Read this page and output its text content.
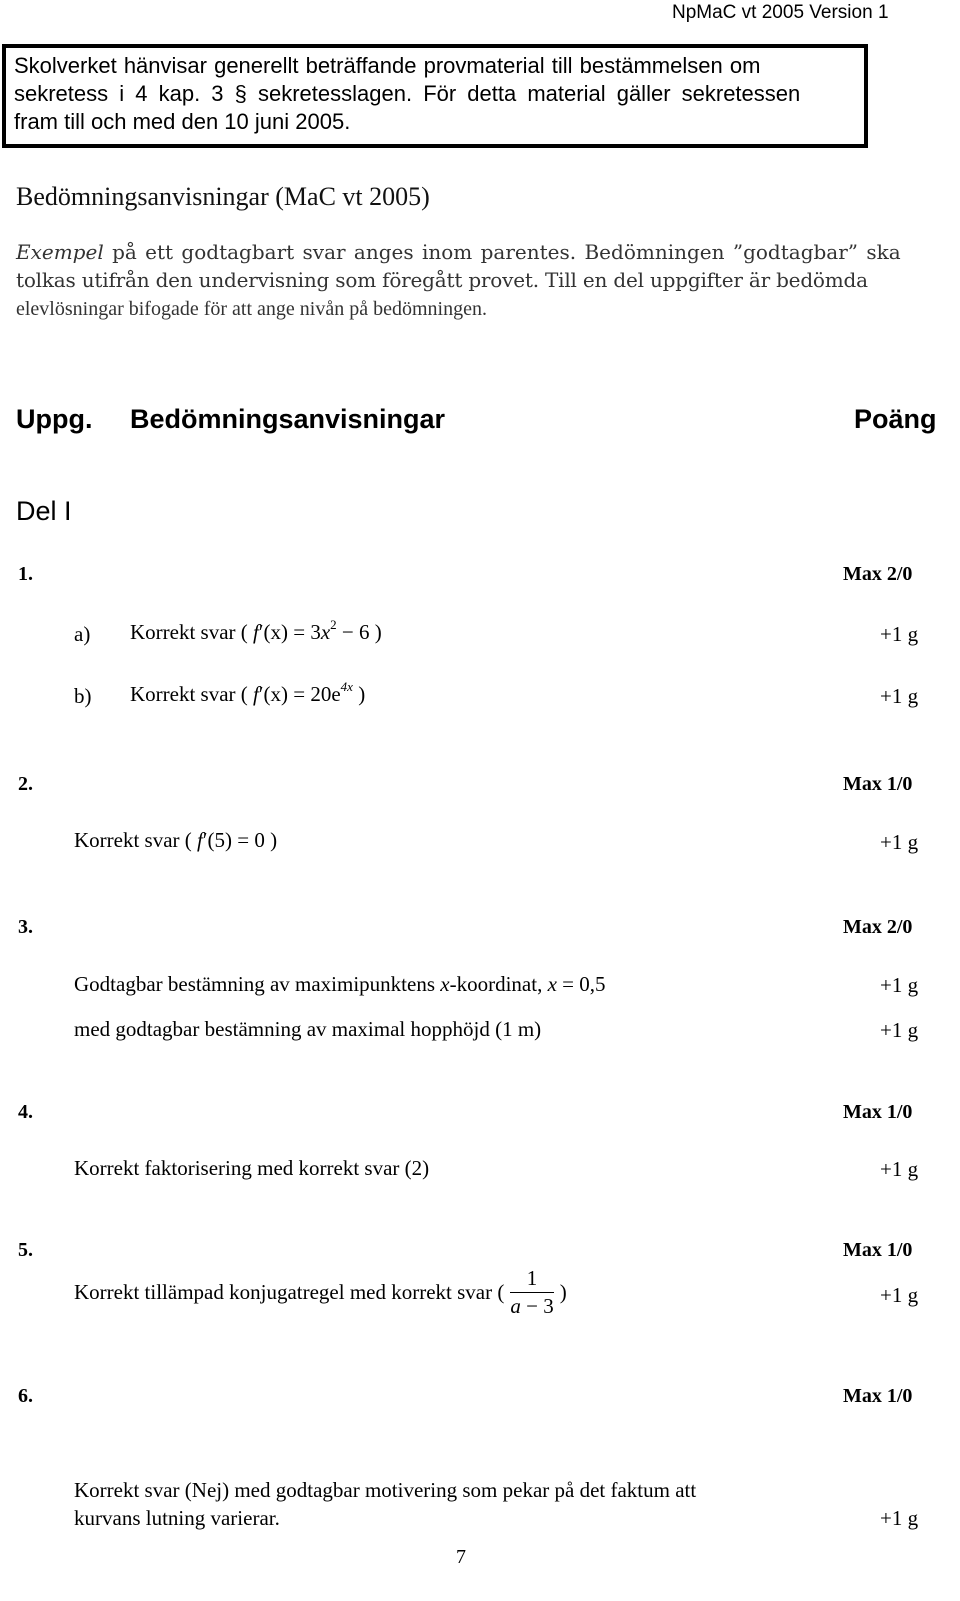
NpMaC vt 2005 Version 1
Skolverket hänvisar generellt beträffande provmaterial till bestämmelsen om
sekretess i 4 kap. 3 § sekretesslagen. För detta material gäller sekretessen
fram till och med den 10 juni 2005.
Bedömningsanvisningar (MaC vt 2005)
Exempel på ett godtagbart svar anges inom parentes. Bedömningen ”godtagbar” ska
tolkas utifrån den undervisning som föregått provet. Till en del uppgifter är bedömda
elevlösningar bifogade för att ange nivån på bedömningen.
Uppg. Bedömningsanvisningar	Poäng
Del I
1.	Max 2/0
a) Korrekt svar ( $f'(x) = 3x^2 - 6$ )	+1 g
b) Korrekt svar ( $f'(x) = 20e^{4x}$ )	+1 g
2.	Max 1/0
Korrekt svar ( f′(5) = 0 )	+1 g
3.	Max 2/0
Godtagbar bestämning av maximipunktens x-koordinat, x = 0,5	+1 g
med godtagbar bestämning av maximal hopphöjd (1 m)	+1 g
4.	Max 1/0
Korrekt faktorisering med korrekt svar (2)	+1 g
5.	Max 1/0
Korrekt tillämpad konjugatregel med korrekt svar ( $\frac{1}{a - 3}$ )	+1 g
6.	Max 1/0
Korrekt svar (Nej) med godtagbar motivering som pekar på det faktum att
kurvans lutning varierar.	+1 g
7
